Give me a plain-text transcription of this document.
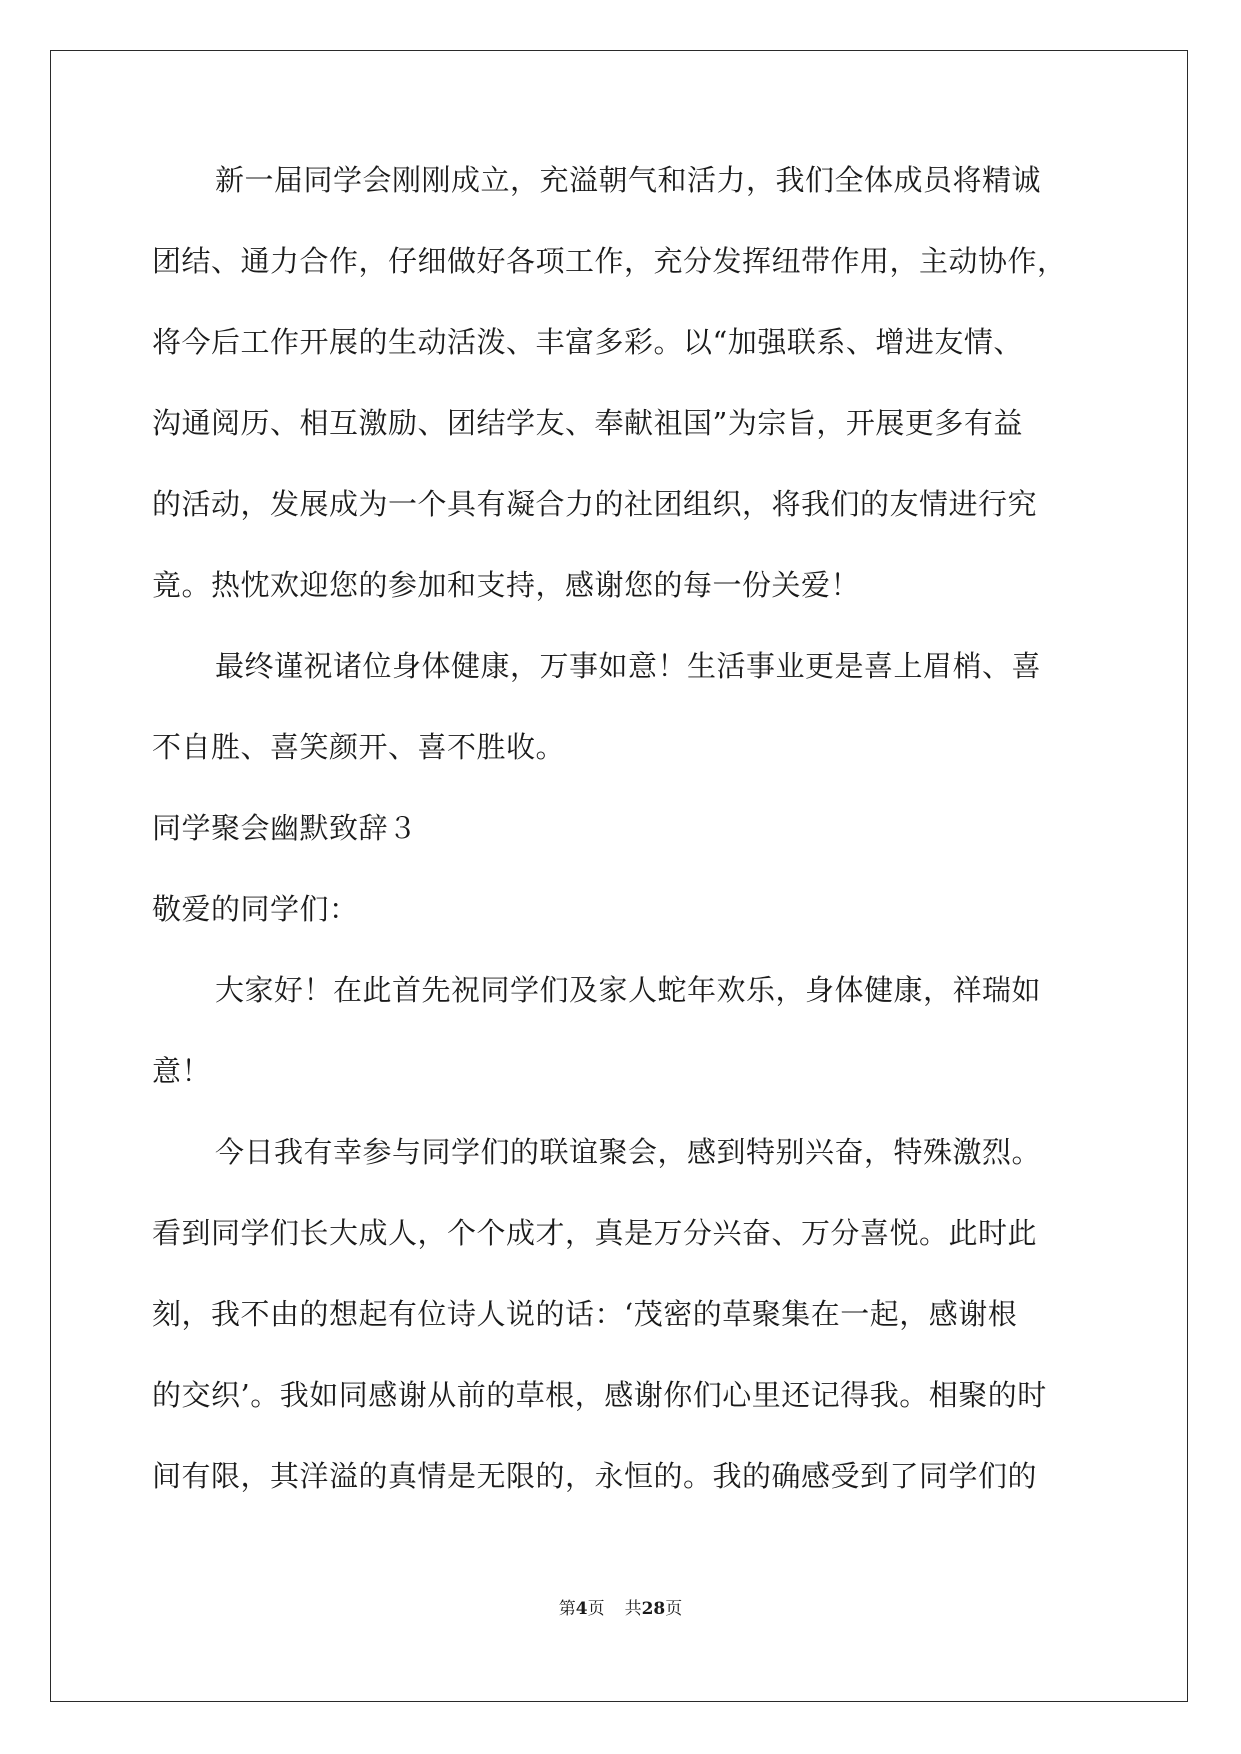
新一届同学会刚刚成立，充溢朝气和活力，我们全体成员将精诚
团结、通力合作，仔细做好各项工作，充分发挥纽带作用，主动协作，
将今后工作开展的生动活泼、丰富多彩。以“加强联系、增进友情、
沟通阅历、相互激励、团结学友、奉献祖国”为宗旨，开展更多有益
的活动，发展成为一个具有凝合力的社团组织，将我们的友情进行究
竟。热忱欢迎您的参加和支持，感谢您的每一份关爱！
最终谨祝诸位身体健康，万事如意！生活事业更是喜上眉梢、喜
不自胜、喜笑颜开、喜不胜收。
同学聚会幽默致辞３
敬爱的同学们：
大家好！在此首先祝同学们及家人蛇年欢乐，身体健康，祥瑞如
意！
今日我有幸参与同学们的联谊聚会，感到特别兴奋，特殊激烈。
看到同学们长大成人，个个成才，真是万分兴奋、万分喜悦。此时此
刻，我不由的想起有位诗人说的话：‘茂密的草聚集在一起，感谢根
的交织’。我如同感谢从前的草根，感谢你们心里还记得我。相聚的时
间有限，其洋溢的真情是无限的，永恒的。我的确感受到了同学们的
第4页 共28页
